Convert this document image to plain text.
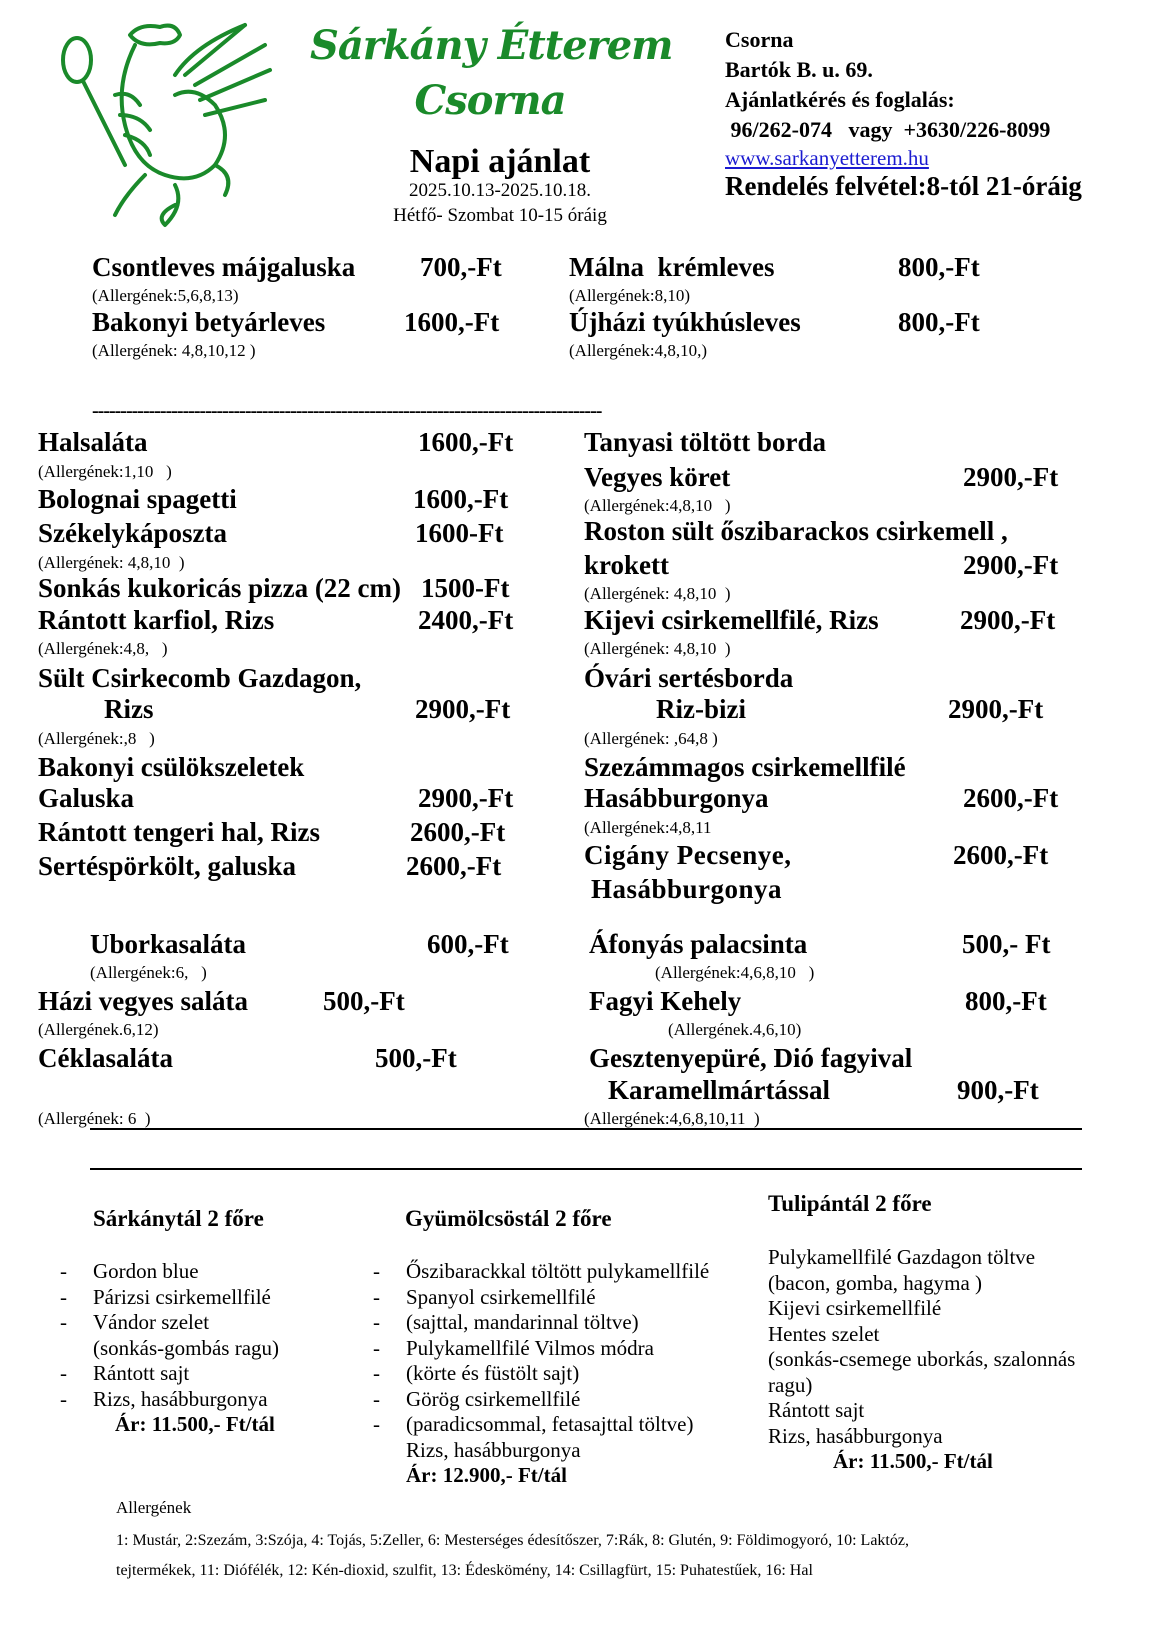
Sárkány Étterem
Csorna
Napi ajánlat
2025.10.13-2025.10.18.
Hétfő- Szombat 10-15 óráig
Csorna
Bartók B. u. 69.
Ajánlatkérés és foglalás:
96/262-074   vagy  +3630/226-8099
www.sarkanyetterem.hu
Rendelés felvétel:8-tól 21-óráig
Csontleves májgaluska 700,-Ft
(Allergének:5,6,8,13)
Bakonyi betyárleves	1600,-Ft
(Allergének: 4,8,10,12 )
Málna  krémleves	800,-Ft
(Allergének:8,10)
Újházi tyúkhúsleves	800,-Ft
(Allergének:4,8,10,)
------------------------------------------------------------------------------------------
Halsaláta	1600,-Ft
(Allergének:1,10   )
Bolognai spagetti	1600,-Ft
Székelykáposzta	1600-Ft
(Allergének: 4,8,10  )
Sonkás kukoricás pizza (22 cm) 1500-Ft
Rántott karfiol, Rizs	2400,-Ft
(Allergének:4,8,   )
Sült Csirkecomb Gazdagon,
Rizs	2900,-Ft
(Allergének:,8   )
Bakonyi csülökszeletek
Galuska	2900,-Ft
Rántott tengeri hal, Rizs	2600,-Ft
Sertéspörkölt, galuska	2600,-Ft
Tanyasi töltött borda
Vegyes köret	2900,-Ft
(Allergének:4,8,10   )
Roston sült őszibarackos csirkemell ,
krokett	2900,-Ft
(Allergének: 4,8,10  )
Kijevi csirkemellfilé, Rizs	2900,-Ft
(Allergének: 4,8,10  )
Óvári sertésborda
Riz-bizi	2900,-Ft
(Allergének: ,64,8 )
Szezámmagos csirkemellfilé
Hasábburgonya	2600,-Ft
(Allergének:4,8,11
Cigány Pecsenye,	2600,-Ft
Hasábburgonya
Uborkasaláta	600,-Ft
(Allergének:6,   )
Házi vegyes saláta	500,-Ft
(Allergének.6,12)
Céklasaláta	500,-Ft
(Allergének: 6  )
Áfonyás palacsinta	500,- Ft
(Allergének:4,6,8,10   )
Fagyi Kehely	800,-Ft
(Allergének.4,6,10)
Gesztenyepüré, Dió fagyival
Karamellmártással	900,-Ft
(Allergének:4,6,8,10,11  )
Sárkánytál 2 főre
- Gordon blue
- Párizsi csirkemellfilé
- Vándor szelet
(sonkás-gombás ragu)
- Rántott sajt
- Rizs, hasábburgonya
Ár: 11.500,- Ft/tál
Gyümölcsöstál 2 főre
- Őszibarackkal töltött pulykamellfilé
- Spanyol csirkemellfilé
- (sajttal, mandarinnal töltve)
- Pulykamellfilé Vilmos módra
- (körte és füstölt sajt)
- Görög csirkemellfilé
- (paradicsommal, fetasajttal töltve)
Rizs, hasábburgonya
Ár: 12.900,- Ft/tál
Tulipántál 2 főre
Pulykamellfilé Gazdagon töltve
(bacon, gomba, hagyma )
Kijevi csirkemellfilé
Hentes szelet
(sonkás-csemege uborkás, szalonnás
ragu)
Rántott sajt
Rizs, hasábburgonya
Ár: 11.500,- Ft/tál
Allergének
1: Mustár, 2:Szezám, 3:Szója, 4: Tojás, 5:Zeller, 6: Mesterséges édesítőszer, 7:Rák, 8: Glutén, 9: Földimogyoró, 10: Laktóz,
tejtermékek, 11: Diófélék, 12: Kén-dioxid, szulfit, 13: Édeskömény, 14: Csillagfürt, 15: Puhatestűek, 16: Hal
